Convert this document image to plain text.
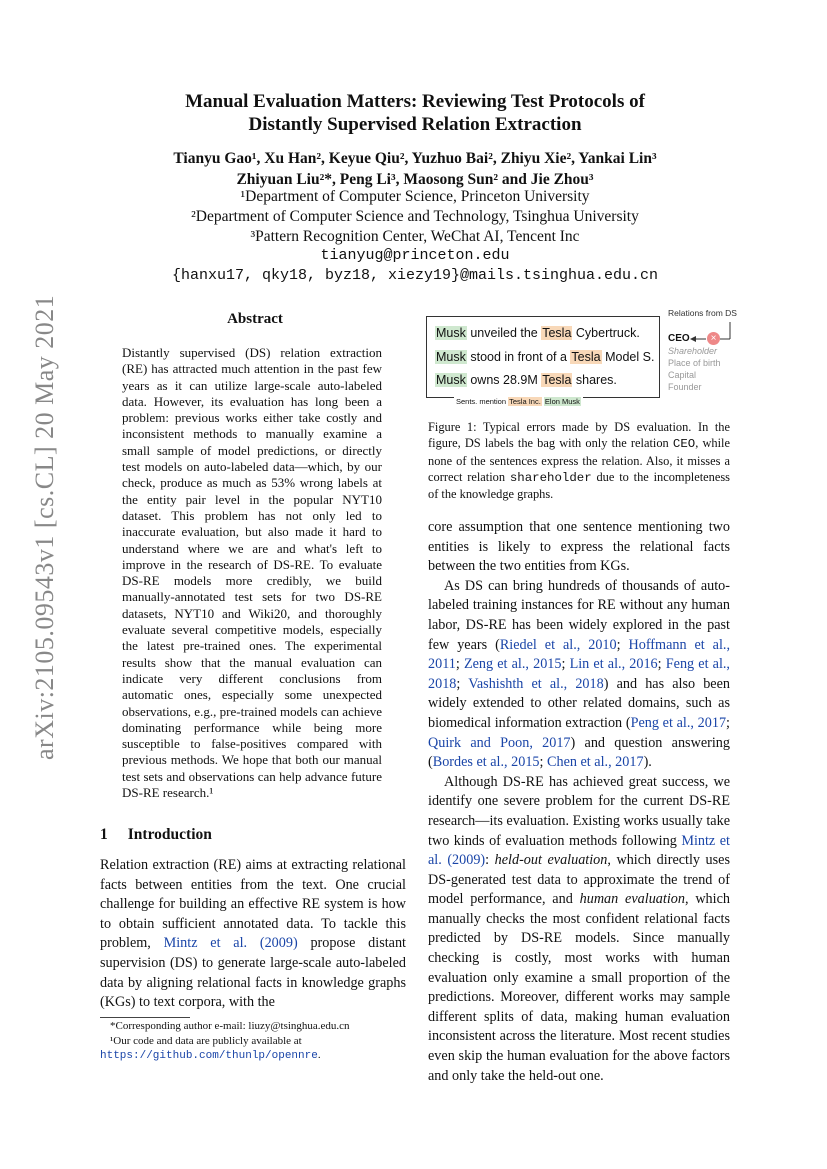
arXiv:2105.09543v1 [cs.CL] 20 May 2021
Manual Evaluation Matters: Reviewing Test Protocols of
Distantly Supervised Relation Extraction
Tianyu Gao¹, Xu Han², Keyue Qiu², Yuzhuo Bai², Zhiyu Xie², Yankai Lin³
Zhiyuan Liu²*, Peng Li³, Maosong Sun² and Jie Zhou³
¹Department of Computer Science, Princeton University
²Department of Computer Science and Technology, Tsinghua University
³Pattern Recognition Center, WeChat AI, Tencent Inc
tianyug@princeton.edu
{hanxu17, qky18, byz18, xiezy19}@mails.tsinghua.edu.cn
Abstract
Distantly supervised (DS) relation extraction (RE) has attracted much attention in the past few years as it can utilize large-scale auto-labeled data. However, its evaluation has long been a problem: previous works either take costly and inconsistent methods to manually examine a small sample of model predictions, or directly test models on auto-labeled data—which, by our check, produce as much as 53% wrong labels at the entity pair level in the popular NYT10 dataset. This problem has not only led to inaccurate evaluation, but also made it hard to understand where we are and what's left to improve in the research of DS-RE. To evaluate DS-RE models more credibly, we build manually-annotated test sets for two DS-RE datasets, NYT10 and Wiki20, and thoroughly evaluate several competitive models, especially the latest pre-trained ones. The experimental results show that the manual evaluation can indicate very different conclusions from automatic ones, especially some unexpected observations, e.g., pre-trained models can achieve dominating performance while being more susceptible to false-positives compared with previous methods. We hope that both our manual test sets and observations can help advance future DS-RE research.¹
1 Introduction
Relation extraction (RE) aims at extracting relational facts between entities from the text. One crucial challenge for building an effective RE system is how to obtain sufficient annotated data. To tackle this problem, Mintz et al. (2009) propose distant supervision (DS) to generate large-scale auto-labeled data by aligning relational facts in knowledge graphs (KGs) to text corpora, with the

*Corresponding author e-mail: liuzy@tsinghua.edu.cn

¹Our code and data are publicly available at https://github.com/thunlp/opennre.

Musk unveiled the Tesla Cybertruck.
Musk stood in front of a Tesla Model S.
Musk owns 28.9M Tesla shares.
Sents. mention Tesla Inc. Elon Musk
Relations from DS
CEO	×
Shareholder
Place of birth
Capital
Founder
Figure 1: Typical errors made by DS evaluation. In the figure, DS labels the bag with only the relation CEO, while none of the sentences express the relation. Also, it misses a correct relation shareholder due to the incompleteness of the knowledge graphs.

core assumption that one sentence mentioning two entities is likely to express the relational facts between the two entities from KGs.

As DS can bring hundreds of thousands of auto-labeled training instances for RE without any human labor, DS-RE has been widely explored in the past few years (Riedel et al., 2010; Hoffmann et al., 2011; Zeng et al., 2015; Lin et al., 2016; Feng et al., 2018; Vashishth et al., 2018) and has also been widely extended to other related domains, such as biomedical information extraction (Peng et al., 2017; Quirk and Poon, 2017) and question answering (Bordes et al., 2015; Chen et al., 2017).

Although DS-RE has achieved great success, we identify one severe problem for the current DS-RE research—its evaluation. Existing works usually take two kinds of evaluation methods following Mintz et al. (2009): held-out evaluation, which directly uses DS-generated test data to approximate the trend of model performance, and human evaluation, which manually checks the most confident relational facts predicted by DS-RE models. Since manually checking is costly, most works with human evaluation only examine a small proportion of the predictions. Moreover, different works may sample different splits of data, making human evaluation inconsistent across the literature. Most recent studies even skip the human evaluation for the above factors and only take the held-out one.
